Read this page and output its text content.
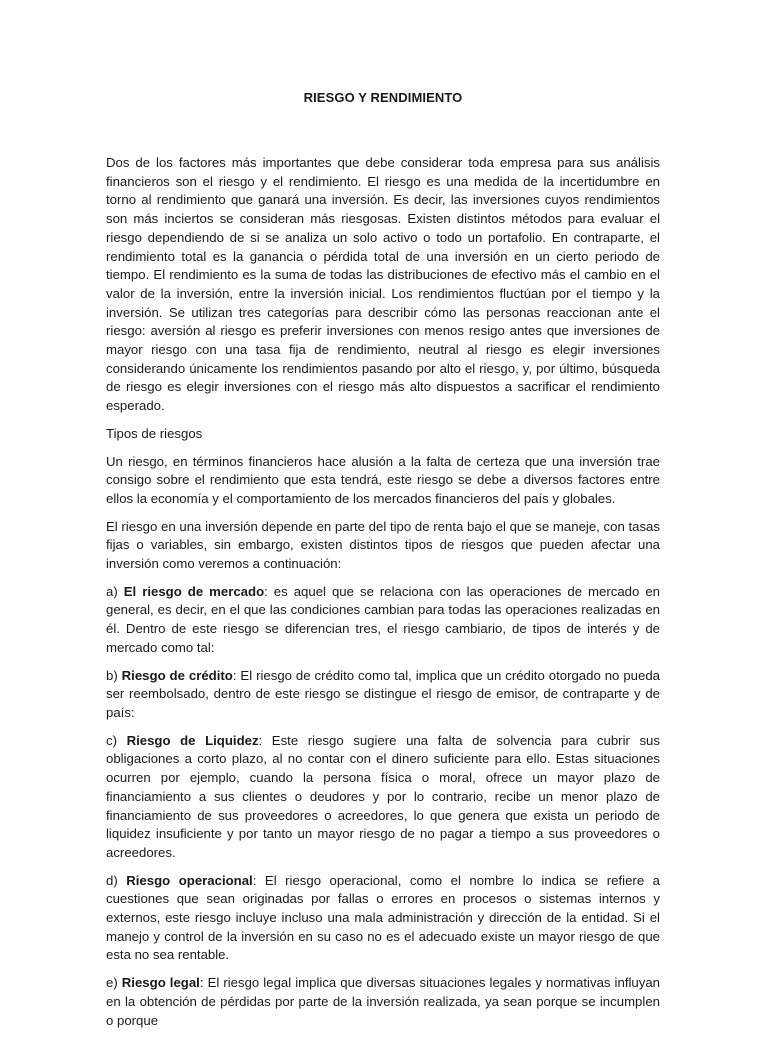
RIESGO Y RENDIMIENTO

Dos de los factores más importantes que debe considerar toda empresa para sus análisis financieros son el riesgo y el rendimiento. El riesgo es una medida de la incertidumbre en torno al rendimiento que ganará una inversión. Es decir, las inversiones cuyos rendimientos son más inciertos se consideran más riesgosas. Existen distintos métodos para evaluar el riesgo dependiendo de si se analiza un solo activo o todo un portafolio. En contraparte, el rendimiento total es la ganancia o pérdida total de una inversión en un cierto periodo de tiempo. El rendimiento es la suma de todas las distribuciones de efectivo más el cambio en el valor de la inversión, entre la inversión inicial. Los rendimientos fluctúan por el tiempo y la inversión. Se utilizan tres categorías para describir cómo las personas reaccionan ante el riesgo: aversión al riesgo es preferir inversiones con menos resigo antes que inversiones de mayor riesgo con una tasa fija de rendimiento, neutral al riesgo es elegir inversiones considerando únicamente los rendimientos pasando por alto el riesgo, y, por último, búsqueda de riesgo es elegir inversiones con el riesgo más alto dispuestos a sacrificar el rendimiento esperado.

Tipos de riesgos

Un riesgo, en términos financieros hace alusión a la falta de certeza que una inversión trae consigo sobre el rendimiento que esta tendrá, este riesgo se debe a diversos factores entre ellos la economía y el comportamiento de los mercados financieros del país y globales.

El riesgo en una inversión depende en parte del tipo de renta bajo el que se maneje, con tasas fijas o variables, sin embargo, existen distintos tipos de riesgos que pueden afectar una inversión como veremos a continuación:

a) El riesgo de mercado: es aquel que se relaciona con las operaciones de mercado en general, es decir, en el que las condiciones cambian para todas las operaciones realizadas en él. Dentro de este riesgo se diferencian tres, el riesgo cambiario, de tipos de interés y de mercado como tal:

b) Riesgo de crédito: El riesgo de crédito como tal, implica que un crédito otorgado no pueda ser reembolsado, dentro de este riesgo se distingue el riesgo de emisor, de contraparte y de país:

c) Riesgo de Liquidez: Este riesgo sugiere una falta de solvencia para cubrir sus obligaciones a corto plazo, al no contar con el dinero suficiente para ello. Estas situaciones ocurren por ejemplo, cuando la persona física o moral, ofrece un mayor plazo de financiamiento a sus clientes o deudores y por lo contrario, recibe un menor plazo de financiamiento de sus proveedores o acreedores, lo que genera que exista un periodo de liquidez insuficiente y por tanto un mayor riesgo de no pagar a tiempo a sus proveedores o acreedores.

d) Riesgo operacional: El riesgo operacional, como el nombre lo indica se refiere a cuestiones que sean originadas por fallas o errores en procesos o sistemas internos y externos, este riesgo incluye incluso una mala administración y dirección de la entidad. Si el manejo y control de la inversión en su caso no es el adecuado existe un mayor riesgo de que esta no sea rentable.

e) Riesgo legal: El riesgo legal implica que diversas situaciones legales y normativas influyan en la obtención de pérdidas por parte de la inversión realizada, ya sean porque se incumplen o porque
